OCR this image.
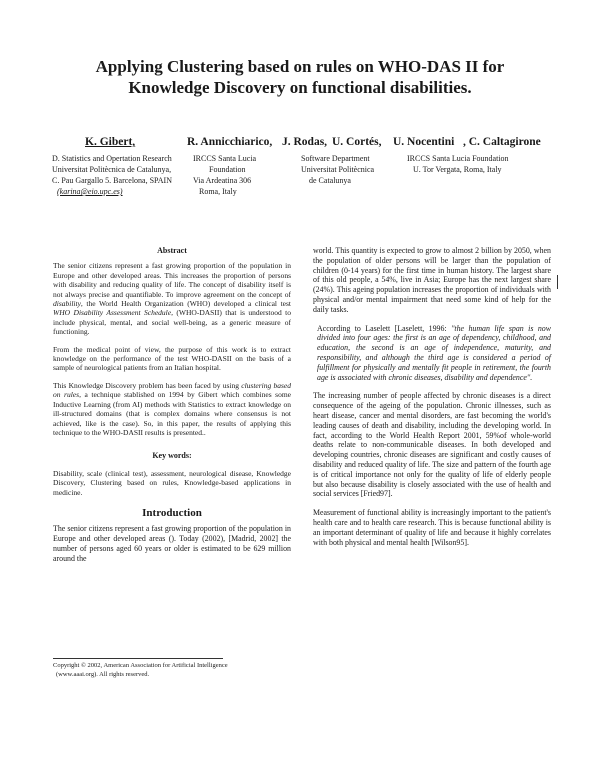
Applying Clustering based on rules on WHO-DAS II for
Knowledge Discovery on functional disabilities.
K. Gibert,	R. Annicchiarico, J. Rodas, U. Cortés, U. Nocentini , C. Caltagirone
D. Statistics and Opertation Research
Universitat Politècnica de Catalunya,
C. Pau Gargallo 5. Barcelona, SPAIN
(karina@eio.upc.es)
IRCCS Santa Lucia
Foundation
Via Ardeatina 306
Roma, Italy
Software Department
Universitat Politècnica
de Catalunya
IRCCS Santa Lucia Foundation
U. Tor Vergata, Roma, Italy
Abstract

The senior citizens represent a fast growing proportion of the population in Europe and other developed areas. This increases the proportion of persons with disability and reducing quality of life. The concept of disability itself is not always precise and quantifiable. To improve agreement on the concept of disability, the World Health Organization (WHO) developed a clinical test WHO Disability Assessment Schedule, (WHO-DASII) that is understood to include physical, mental, and social well-being, as a generic measure of functioning.

From the medical point of view, the purpose of this work is to extract knowledge on the performance of the test WHO-DASII on the basis of a sample of neurological patients from an Italian hospital.

This Knowledge Discovery problem has been faced by using clustering based on rules, a technique stablished on 1994 by Gibert which combines some Inductive Learning (from AI) methods with Statistics to extract knowledge on ill-structured domains (that is complex domains where consensus is not achieved, like is the case). So, in this paper, the results of applying this technique to the WHO-DASII results is presented..

Key words:

Disability, scale (clinical test), assessment, neurological disease, Knowledge Discovery, Clustering based on rules, Knowledge-based applications in medicine.

Introduction

The senior citizens represent a fast growing proportion of the population in Europe and other developed areas (). Today (2002), [Madrid, 2002] the number of persons aged 60 years or older is estimated to be 629 million around the

Copyright © 2002, American Association for Artificial Intelligence
(www.aaai.org). All rights reserved.

world. This quantity is expected to grow to almost 2 billion by 2050, when the population of older persons will be larger than the population of children (0-14 years) for the first time in human history. The largest share of this old people, a 54%, live in Asia; Europe has the next largest share (24%). This ageing population increases the proportion of individuals with physical and/or mental impairment that need some kind of help for the daily tasks.

According to Laselett [Laselett, 1996: ''the human life span is now divided into four ages: the first is an age of dependency, childhood, and education, the second is an age of independence, maturity, and responsibility, and although the third age is considered a period of fulfillment for physically and mentally fit people in retirement, the fourth age is associated with chronic diseases, disability and dependence''.

The increasing number of people affected by chronic diseases is a direct consequence of the ageing of the population. Chronic illnesses, such as heart disease, cancer and mental disorders, are fast becoming the world's leading causes of death and disability, including the developing world. In fact, according to the World Health Report 2001, 59%of whole-world deaths relate to non-communicable diseases. In both developed and developing countries, chronic diseases are significant and costly causes of disability and reduced quality of life. The size and pattern of the fourth age is of critical importance not only for the quality of life of elderly people but also because disability is closely associated with the use of health and social services [Fried97].

Measurement of functional ability is increasingly important to the patient's health care and to health care research. This is because functional ability is an important determinant of quality of life and because it highly correlates with both physical and mental health [Wilson95].
